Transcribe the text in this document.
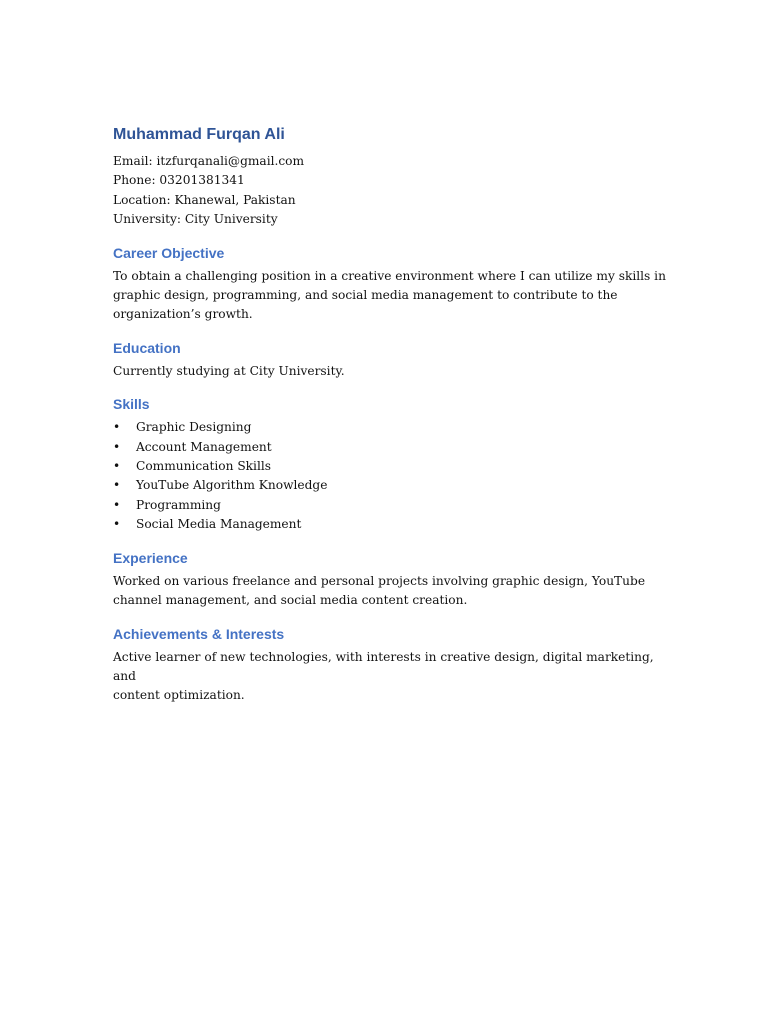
Muhammad Furqan Ali
Email: itzfurqanali@gmail.com
Phone: 03201381341
Location: Khanewal, Pakistan
University: City University
Career Objective

To obtain a challenging position in a creative environment where I can utilize my skills in
graphic design, programming, and social media management to contribute to the
organization’s growth.

Education

Currently studying at City University.

Skills
• Graphic Designing
• Account Management
• Communication Skills
• YouTube Algorithm Knowledge
• Programming
• Social Media Management
Experience

Worked on various freelance and personal projects involving graphic design, YouTube
channel management, and social media content creation.

Achievements & Interests

Active learner of new technologies, with interests in creative design, digital marketing, and
content optimization.
